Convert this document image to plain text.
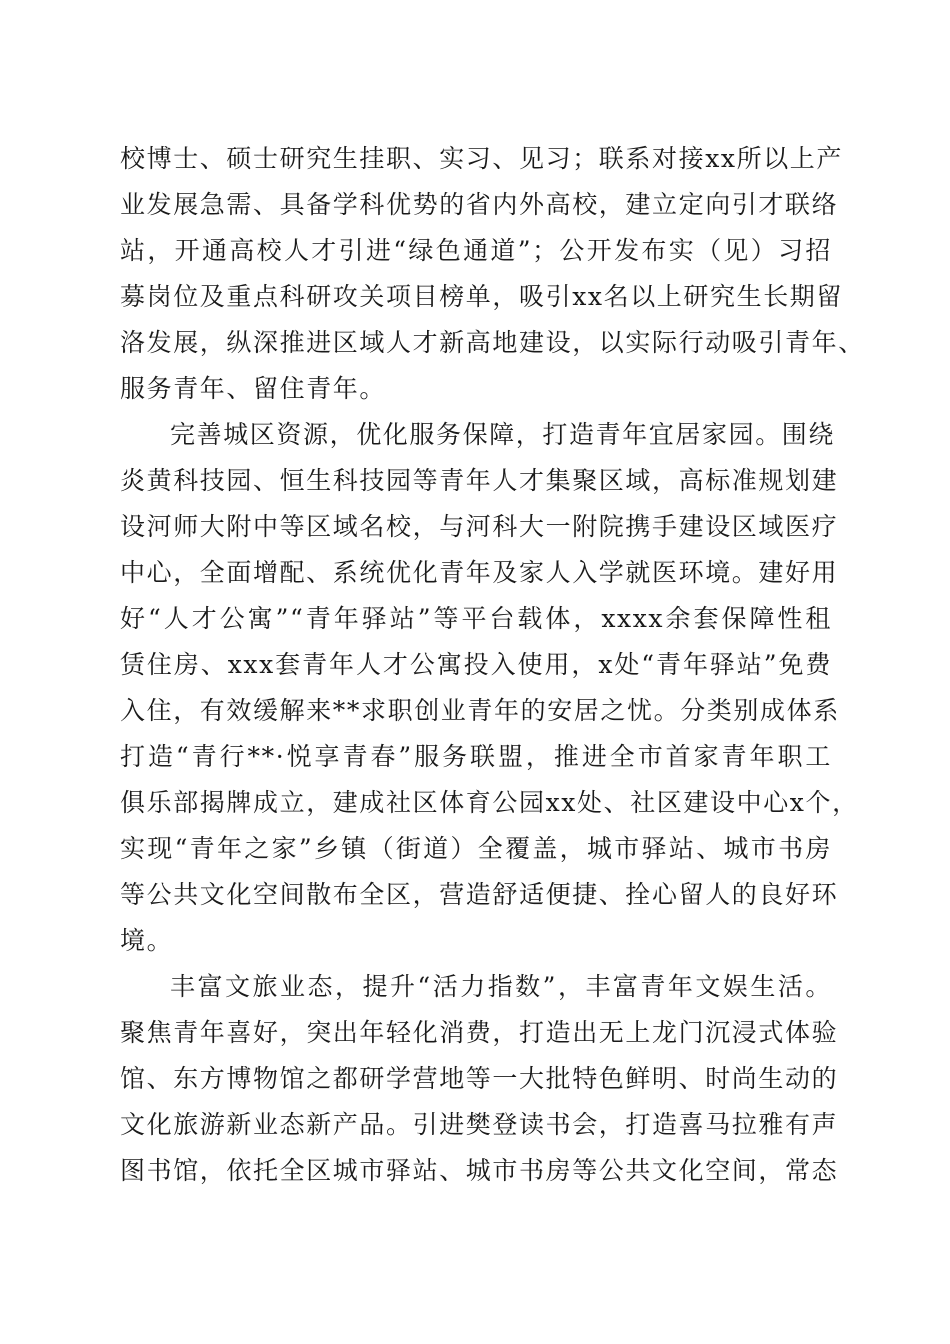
校博士、硕士研究生挂职、实习、见习；联系对接xx所以上产
业发展急需、具备学科优势的省内外高校，建立定向引才联络
站，开通高校人才引进“绿色通道”；公开发布实（见）习招
募岗位及重点科研攻关项目榜单，吸引xx名以上研究生长期留
洛发展，纵深推进区域人才新高地建设，以实际行动吸引青年、
服务青年、留住青年。
完善城区资源，优化服务保障，打造青年宜居家园。围绕
炎黄科技园、恒生科技园等青年人才集聚区域，高标准规划建
设河师大附中等区域名校，与河科大一附院携手建设区域医疗
中心，全面增配、系统优化青年及家人入学就医环境。建好用
好“人才公寓”“青年驿站”等平台载体，xxxx余套保障性租
赁住房、xxx套青年人才公寓投入使用，x处“青年驿站”免费
入住，有效缓解来**求职创业青年的安居之忧。分类别成体系
打造“青行**·悦享青春”服务联盟，推进全市首家青年职工
俱乐部揭牌成立，建成社区体育公园xx处、社区建设中心x个，
实现“青年之家”乡镇（街道）全覆盖，城市驿站、城市书房
等公共文化空间散布全区，营造舒适便捷、拴心留人的良好环
境。
丰富文旅业态，提升“活力指数”，丰富青年文娱生活。
聚焦青年喜好，突出年轻化消费，打造出无上龙门沉浸式体验
馆、东方博物馆之都研学营地等一大批特色鲜明、时尚生动的
文化旅游新业态新产品。引进樊登读书会，打造喜马拉雅有声
图书馆，依托全区城市驿站、城市书房等公共文化空间，常态
